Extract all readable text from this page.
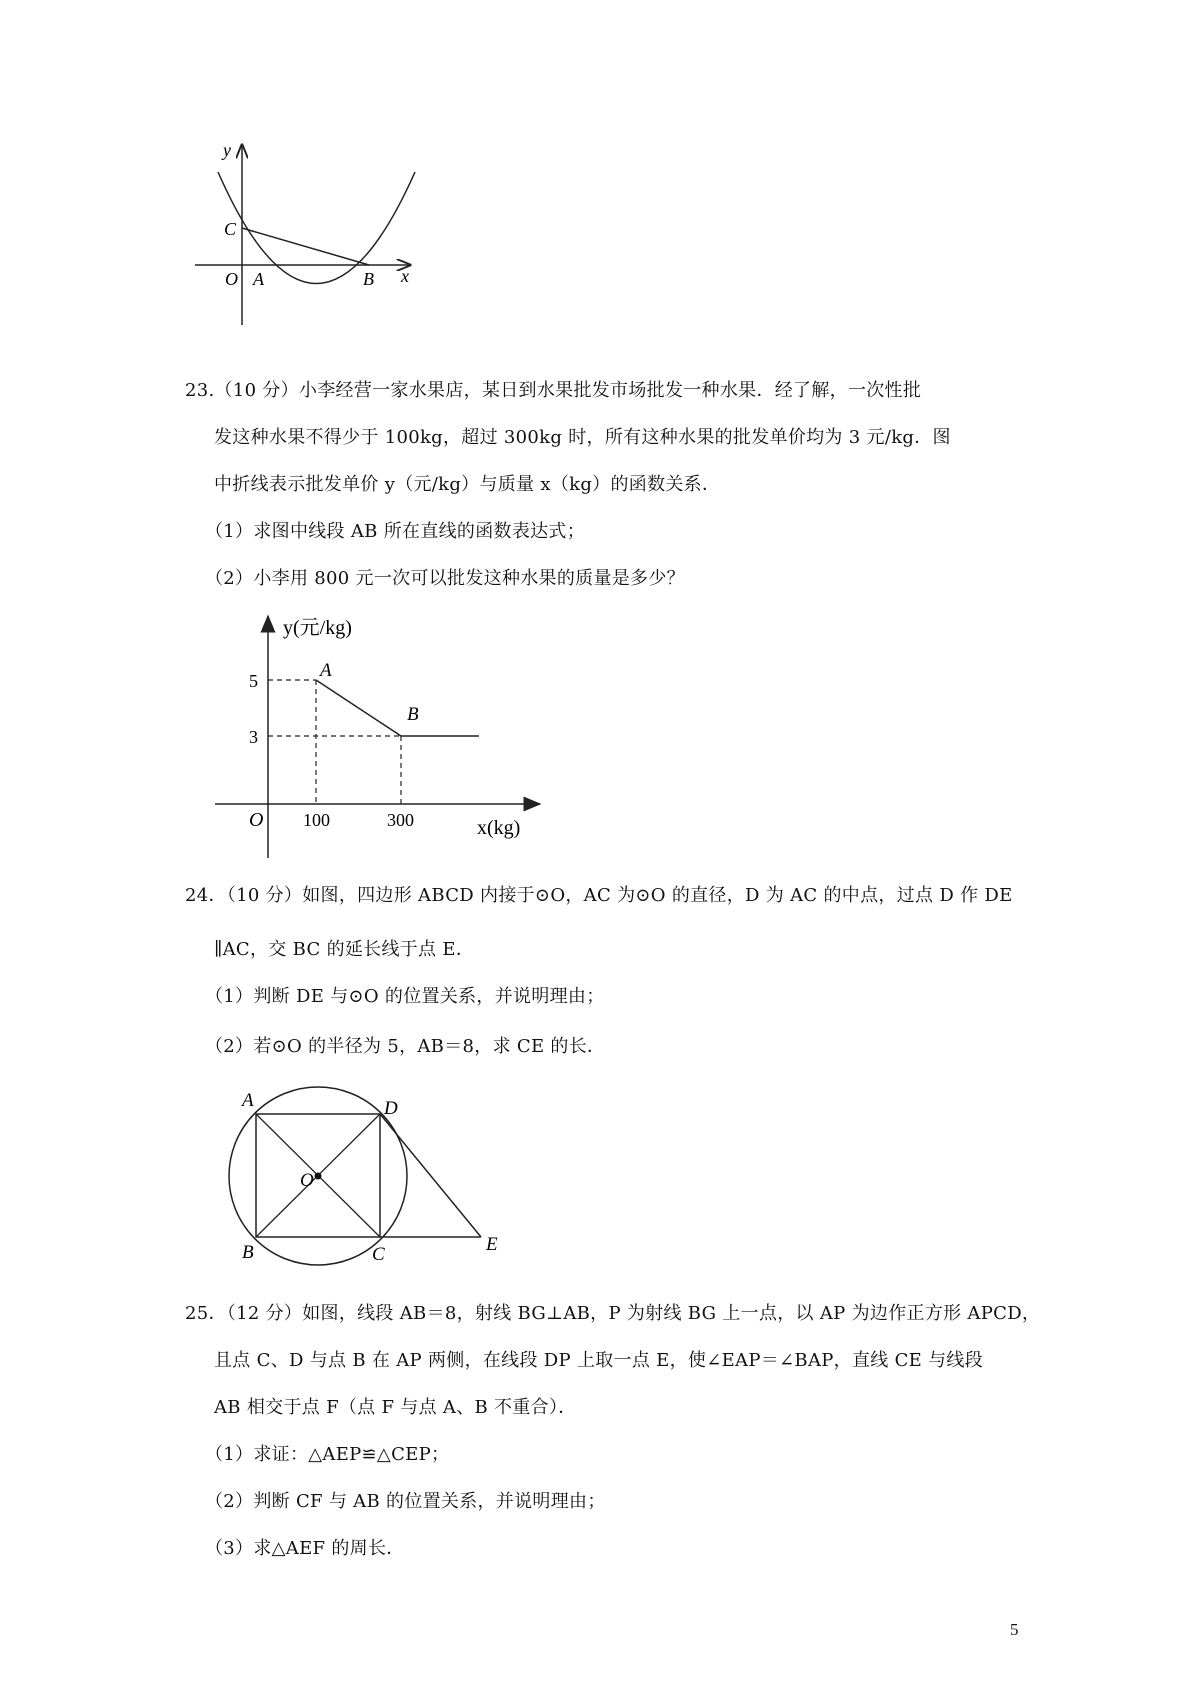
y
x
C
O A	B
23.（10 分）小李经营一家水果店，某日到水果批发市场批发一种水果．经了解，一次性批
发这种水果不得少于 100kg，超过 300kg 时，所有这种水果的批发单价均为 3 元/kg．图
中折线表示批发单价 y（元/kg）与质量 x（kg）的函数关系．
（1）求图中线段 AB 所在直线的函数表达式；
（2）小李用 800 元一次可以批发这种水果的质量是多少？
y(元/kg)
x(kg)
O
A
B
5
3
100	300
24．（10 分）如图，四边形 ABCD 内接于⊙O，AC 为⊙O 的直径，D 为 AC 的中点，过点 D 作 DE
∥AC，交 BC 的延长线于点 E．
（1）判断 DE 与⊙O 的位置关系，并说明理由；
（2）若⊙O 的半径为 5，AB＝8，求 CE 的长．
A
B	C
D
E
O
25．（12 分）如图，线段 AB＝8，射线 BG⊥AB，P 为射线 BG 上一点，以 AP 为边作正方形 APCD，
且点 C、D 与点 B 在 AP 两侧，在线段 DP 上取一点 E，使∠EAP＝∠BAP，直线 CE 与线段
AB 相交于点 F（点 F 与点 A、B 不重合）．
（1）求证：△AEP≌△CEP；
（2）判断 CF 与 AB 的位置关系，并说明理由；
（3）求△AEF 的周长．
5
